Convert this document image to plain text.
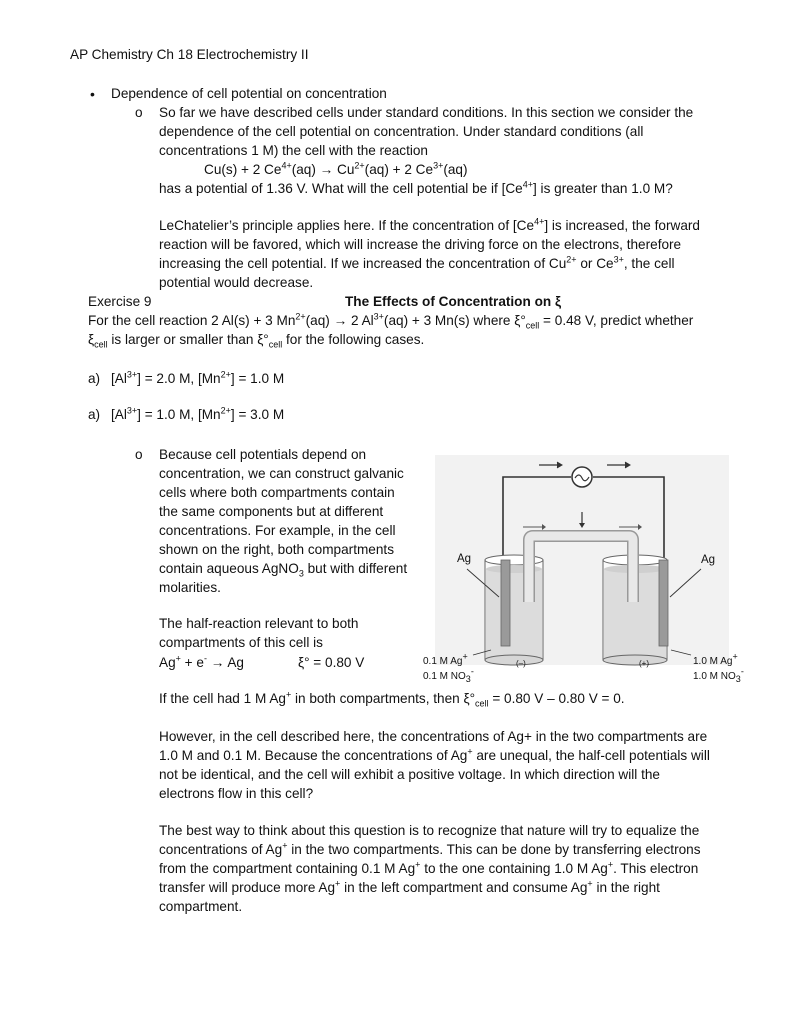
AP Chemistry Ch 18 Electrochemistry II
• Dependence of cell potential on concentration
o So far we have described cells under standard conditions. In this section we consider the
dependence of the cell potential on concentration. Under standard conditions (all
concentrations 1 M) the cell with the reaction
Cu(s) + 2 $Ce^{4+}(aq) \to Cu^{2+}(aq) + 2$ $Ce^{3+}(aq)$
has a potential of 1.36 V. What will the cell potential be if $[Ce^{4+}]$ is greater than 1.0 M?
LeChatelier’s principle applies here. If the concentration of $[Ce^{4+}]$ is increased, the forward
reaction will be favored, which will increase the driving force on the electrons, therefore
increasing the cell potential. If we increased the concentration of $Cu^{2+}$ or $Ce^{3+}$, the cell
potential would decrease.
Exercise 9	The Effects of Concentration on ξ
For the cell reaction 2 Al(s) + 3 $Mn^{2+}(aq) \to 2$ $Al^{3+}(aq) + 3$ Mn(s) where $\xi^\circ_{cell} = 0.48$ V, predict whether
$\xi_{cell}$ is larger or smaller than $\xi^\circ_{cell}$ for the following cases.
a) $[Al^{3+}] = 2.0$ M, $[Mn^{2+}] = 1.0$ M
a) $[Al^{3+}] = 1.0$ M, $[Mn^{2+}] = 3.0$ M
o Because cell potentials depend on
concentration, we can construct galvanic
cells where both compartments contain
the same components but at different
concentrations. For example, in the cell
shown on the right, both compartments
contain aqueous AgNO$_3$ but with different
molarities.
The half-reaction relevant to both
compartments of this cell is
Ag+ + e- → Ag	ξ° = 0.80 V
If the cell had 1 M Ag+ in both compartments, then $\xi^\circ_{cell} = 0.80$ V – 0.80 V = 0.
However, in the cell described here, the concentrations of Ag+ in the two compartments are
1.0 M and 0.1 M. Because the concentrations of Ag+ are unequal, the half-cell potentials will
not be identical, and the cell will exhibit a positive voltage. In which direction will the
electrons flow in this cell?
The best way to think about this question is to recognize that nature will try to equalize the
concentrations of Ag+ in the two compartments. This can be done by transferring electrons
from the compartment containing 0.1 M Ag+ to the one containing 1.0 M Ag+. This electron
transfer will produce more Ag+ in the left compartment and consume Ag+ in the right
compartment.
Ag	Ag
(–)	(+)
0.1 M Ag+
0.1 M $NO_3^-$
1.0 M Ag+
1.0 M $NO_3^-$
